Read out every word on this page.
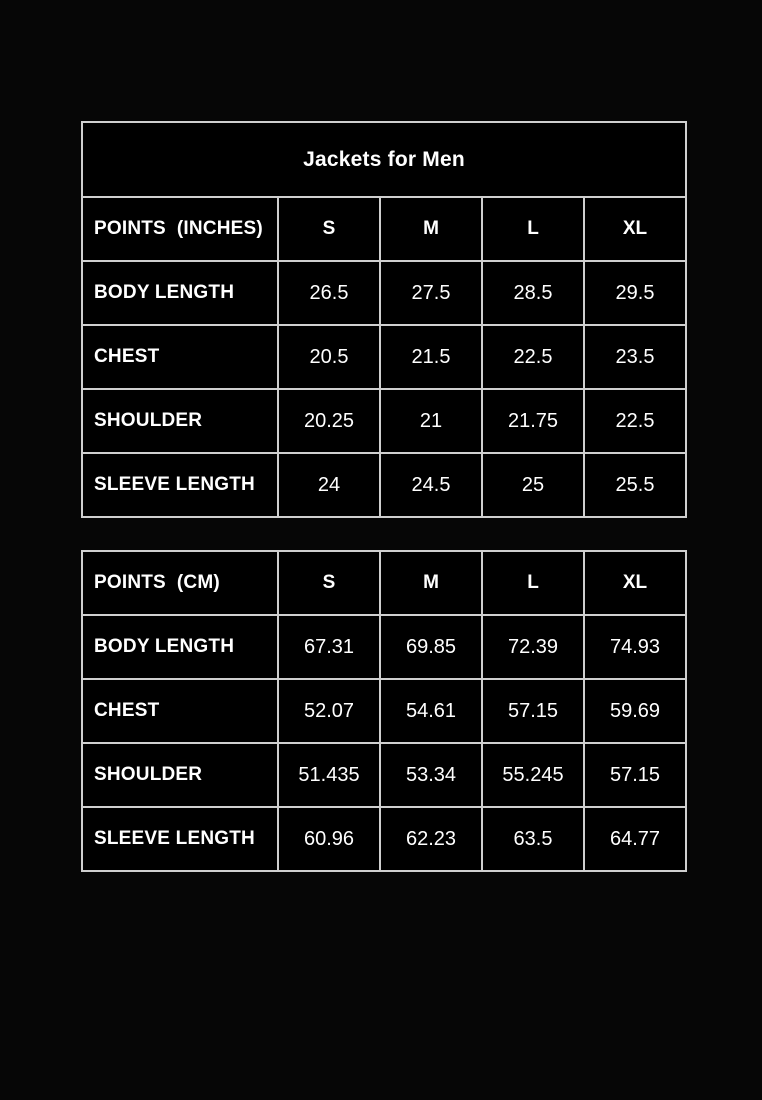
Jackets for Men				
POINTS  (INCHES)	S	M	L	XL
BODY LENGTH	26.5	27.5	28.5	29.5
CHEST	20.5	21.5	22.5	23.5
SHOULDER	20.25	21	21.75	22.5
SLEEVE LENGTH	24	24.5	25	25.5
POINTS  (CM)	S	M	L	XL
BODY LENGTH	67.31	69.85	72.39	74.93
CHEST	52.07	54.61	57.15	59.69
SHOULDER	51.435	53.34	55.245	57.15
SLEEVE LENGTH	60.96	62.23	63.5	64.77
